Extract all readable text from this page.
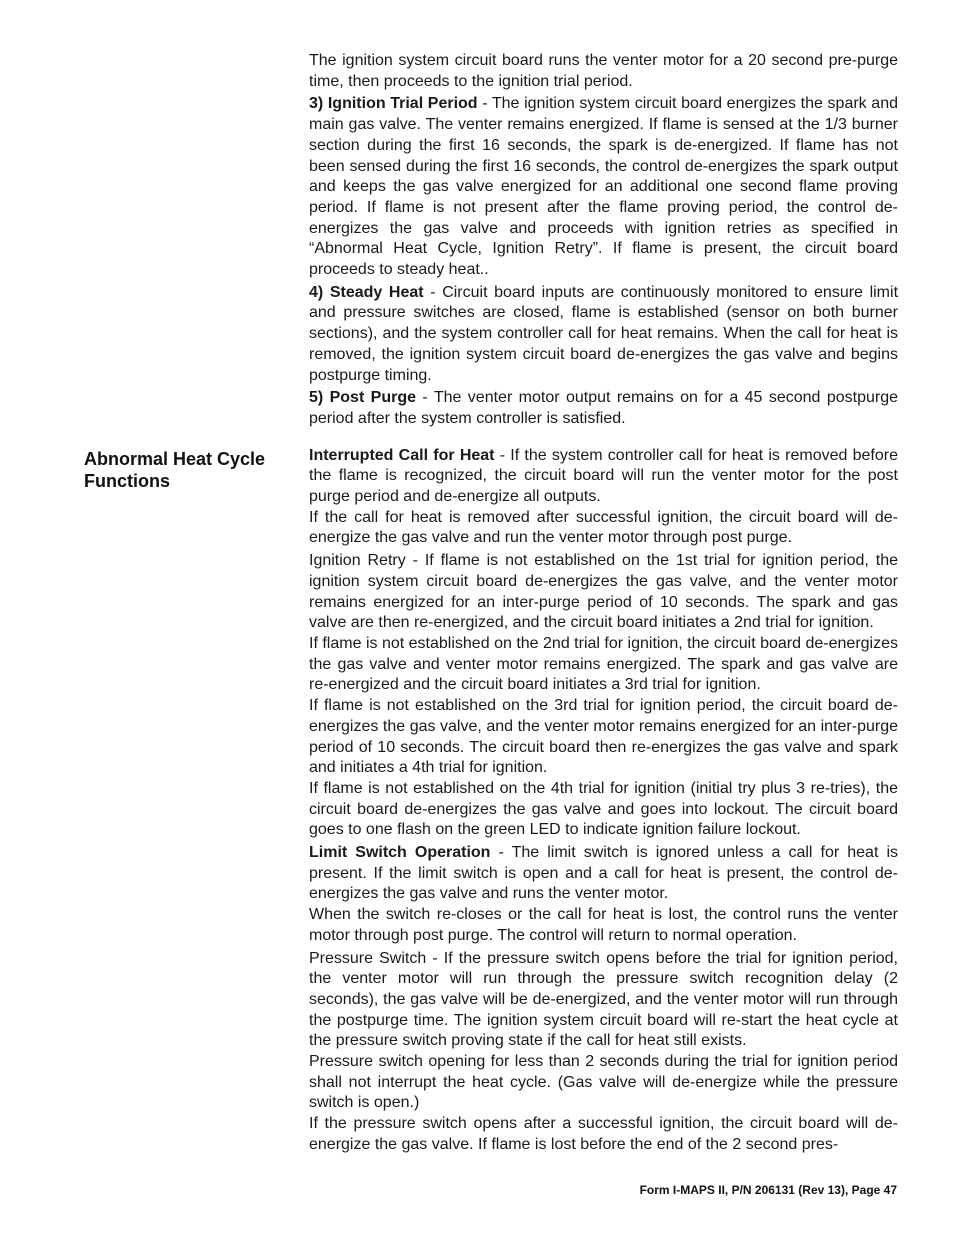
Abnormal Heat Cycle Functions

The ignition system circuit board runs the venter motor for a 20 second pre-purge time, then proceeds to the ignition trial period.

3) Ignition Trial Period - The ignition system circuit board energizes the spark and main gas valve. The venter remains energized. If flame is sensed at the 1/3 burner section during the first 16 seconds, the spark is de-energized. If flame has not been sensed during the first 16 seconds, the control de-energizes the spark output and keeps the gas valve energized for an additional one second flame proving period. If flame is not present after the flame proving period, the control de-energizes the gas valve and proceeds with ignition retries as specified in “Abnormal Heat Cycle, Ignition Retry”. If flame is present, the circuit board proceeds to steady heat..

4) Steady Heat - Circuit board inputs are continuously monitored to ensure limit and pressure switches are closed, flame is established (sensor on both burner sections), and the system controller call for heat remains. When the call for heat is removed, the ignition system circuit board de-energizes the gas valve and begins postpurge timing.

5) Post Purge - The venter motor output remains on for a 45 second postpurge period after the system controller is satisfied.

Interrupted Call for Heat - If the system controller call for heat is removed before the flame is recognized, the circuit board will run the venter motor for the post purge period and de-energize all outputs.

If the call for heat is removed after successful ignition, the circuit board will de-energize the gas valve and run the venter motor through post purge.

Ignition Retry - If flame is not established on the 1st trial for ignition period, the ignition system circuit board de-energizes the gas valve, and the venter motor remains energized for an inter-purge period of 10 seconds. The spark and gas valve are then re-energized, and the circuit board initiates a 2nd trial for ignition.

If flame is not established on the 2nd trial for ignition, the circuit board de-energizes the gas valve and venter motor remains energized. The spark and gas valve are re-energized and the circuit board initiates a 3rd trial for ignition.

If flame is not established on the 3rd trial for ignition period, the circuit board de-energizes the gas valve, and the venter motor remains energized for an inter-purge period of 10 seconds. The circuit board then re-energizes the gas valve and spark and initiates a 4th trial for ignition.

If flame is not established on the 4th trial for ignition (initial try plus 3 re-tries), the circuit board de-energizes the gas valve and goes into lockout. The circuit board goes to one flash on the green LED to indicate ignition failure lockout.

Limit Switch Operation - The limit switch is ignored unless a call for heat is present. If the limit switch is open and a call for heat is present, the control de-energizes the gas valve and runs the venter motor.

When the switch re-closes or the call for heat is lost, the control runs the venter motor through post purge. The control will return to normal operation.

Pressure Switch - If the pressure switch opens before the trial for ignition period, the venter motor will run through the pressure switch recognition delay (2 seconds), the gas valve will be de-energized, and the venter motor will run through the postpurge time. The ignition system circuit board will re-start the heat cycle at the pressure switch proving state if the call for heat still exists.

Pressure switch opening for less than 2 seconds during the trial for ignition period shall not interrupt the heat cycle. (Gas valve will de-energize while the pressure switch is open.)

If the pressure switch opens after a successful ignition, the circuit board will de-energize the gas valve. If flame is lost before the end of the 2 second pres-

Form I-MAPS II, P/N 206131 (Rev 13), Page 47
